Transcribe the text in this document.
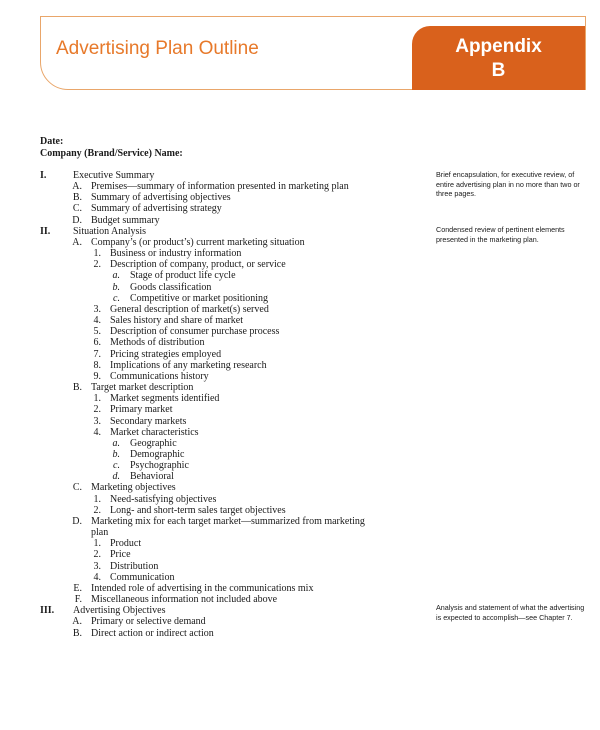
Advertising Plan Outline	Appendix
B
Date:
Company (Brand/Service) Name:
I.	Executive Summary
A. Premises—summary of information presented in marketing plan
B. Summary of advertising objectives
C. Summary of advertising strategy
D. Budget summary
II. Situation Analysis
A. Company’s (or product’s) current marketing situation
1. Business or industry information
2. Description of company, product, or service
a. Stage of product life cycle
b. Goods classification
c. Competitive or market positioning
3. General description of market(s) served
4. Sales history and share of market
5. Description of consumer purchase process
6. Methods of distribution
7. Pricing strategies employed
8. Implications of any marketing research
9. Communications history
B. Target market description
1. Market segments identified
2. Primary market
3. Secondary markets
4. Market characteristics
a. Geographic
b. Demographic
c. Psychographic
d. Behavioral
C. Marketing objectives
1. Need-satisfying objectives
2. Long- and short-term sales target objectives
D. Marketing mix for each target market—summarized from marketing
plan
1. Product
2. Price
3. Distribution
4. Communication
E. Intended role of advertising in the communications mix
F. Miscellaneous information not included above
III. Advertising Objectives
A. Primary or selective demand
B. Direct action or indirect action
Brief encapsulation, for executive review, of entire advertising plan in no more than two or three pages.
Condensed review of pertinent elements presented in the marketing plan.
Analysis and statement of what the advertising is expected to accomplish—see Chapter 7.
